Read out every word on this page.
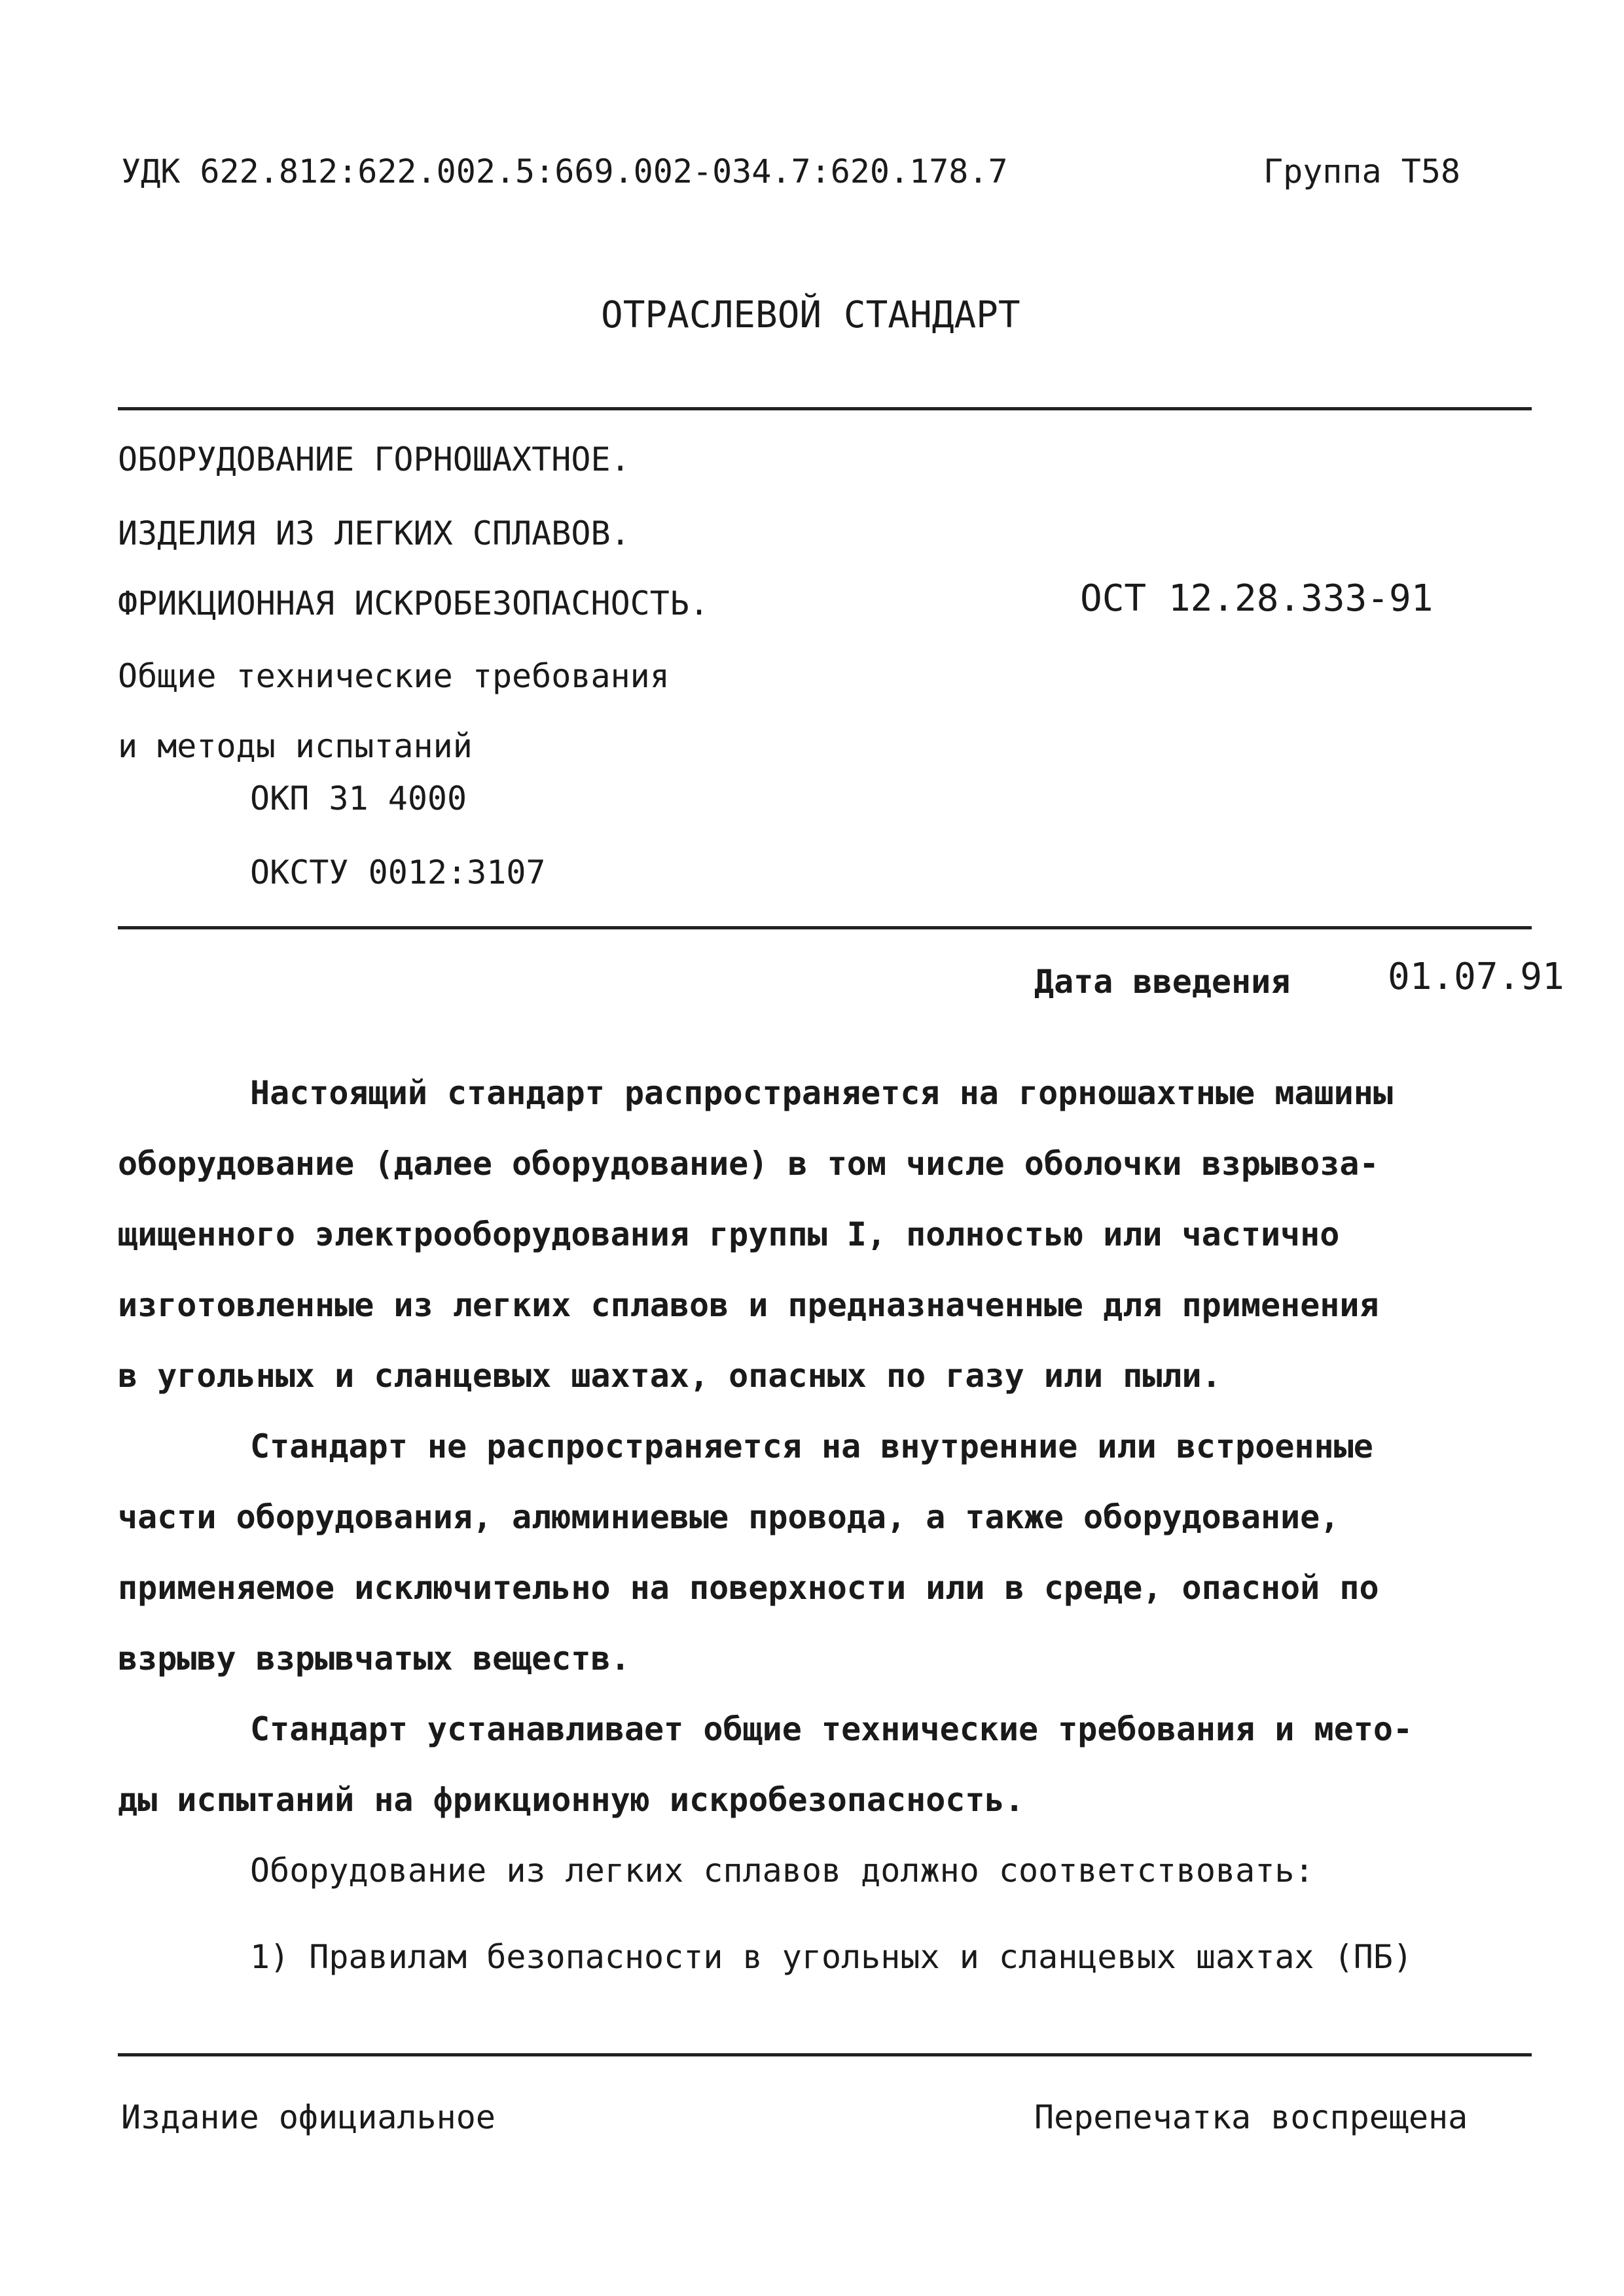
УДК 622.812:622.002.5:669.002-034.7:620.178.7	Группа Т58
ОТРАСЛЕВОЙ СТАНДАРТ
ОБОРУДОВАНИЕ ГОРНОШАХТНОЕ.
ИЗДЕЛИЯ ИЗ ЛЕГКИХ СПЛАВОВ.
ФРИКЦИОННАЯ ИСКРОБЕЗОПАСНОСТЬ.	ОСТ 12.28.333-91
Общие технические требования
и методы испытаний
ОКП 31 4000
ОКСТУ 0012:3107
Дата введения	01.07.91
Настоящий стандарт распространяется на горношахтные машины
оборудование (далее оборудование) в том числе оболочки взрывоза-
щищенного электрооборудования группы I, полностью или частично
изготовленные из легких сплавов и предназначенные для применения
в угольных и сланцевых шахтах, опасных по газу или пыли.
Стандарт не распространяется на внутренние или встроенные
части оборудования, алюминиевые провода, а также оборудование,
применяемое исключительно на поверхности или в среде, опасной по
взрыву взрывчатых веществ.
Стандарт устанавливает общие технические требования и мето-
ды испытаний на фрикционную искробезопасность.
Оборудование из легких сплавов должно соответствовать:
1) Правилам безопасности в угольных и сланцевых шахтах (ПБ)
Издание официальное	Перепечатка воспрещена
